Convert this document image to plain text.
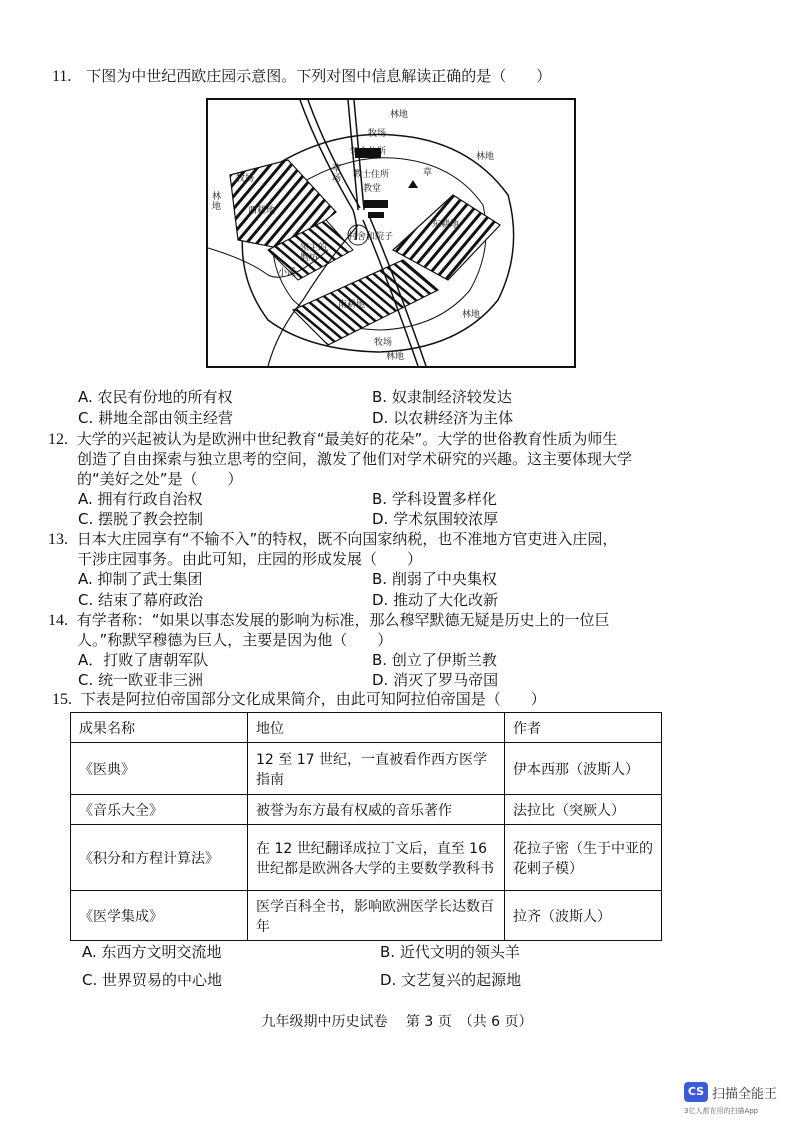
11. 下图为中世纪西欧庄园示意图。下列对图中信息解读正确的是（　　）
林地
牧场
领主住所
教士住所
教堂
草场
草
牧场
西耕地
东耕地
村舍和院子
领主的磨坊
小溪
南耕地
牧场
林地
林地
林地
林地
A. 农民有份地的所有权	B. 奴隶制经济较发达
C. 耕地全部由领主经营	D. 以农耕经济为主体
12. 大学的兴起被认为是欧洲中世纪教育“最美好的花朵”。大学的世俗教育性质为师生
创造了自由探索与独立思考的空间，激发了他们对学术研究的兴趣。这主要体现大学
的“美好之处”是（　　）
A. 拥有行政自治权	B. 学科设置多样化
C. 摆脱了教会控制	D. 学术氛围较浓厚
13. 日本大庄园享有“不输不入”的特权，既不向国家纳税，也不准地方官吏进入庄园，
干涉庄园事务。由此可知，庄园的形成发展（　　）
A. 抑制了武士集团	B. 削弱了中央集权
C. 结束了幕府政治	D. 推动了大化改新
14. 有学者称：“如果以事态发展的影响为标准，那么穆罕默德无疑是历史上的一位巨
人。”称默罕穆德为巨人，主要是因为他（　　）
A．打败了唐朝军队	B. 创立了伊斯兰教
C. 统一欧亚非三洲	D. 消灭了罗马帝国
15. 下表是阿拉伯帝国部分文化成果简介，由此可知阿拉伯帝国是（　　）
成果名称	地位	作者
《医典》	12 至 17 世纪，一直被看作西方医学指南	伊本西那（波斯人）
《音乐大全》	被誉为东方最有权威的音乐著作	法拉比（突厥人）
《积分和方程计算法》	在 12 世纪翻译成拉丁文后，直至 16 世纪都是欧洲各大学的主要数学教科书	花拉子密（生于中亚的花剌子模）
《医学集成》	医学百科全书，影响欧洲医学长达数百年	拉齐（波斯人）
A. 东西方文明交流地	B. 近代文明的领头羊
C. 世界贸易的中心地	D. 文艺复兴的起源地
九年级期中历史试卷　 第 3 页　（共 6 页）
CS 扫描全能王
3亿人都在用的扫描App
